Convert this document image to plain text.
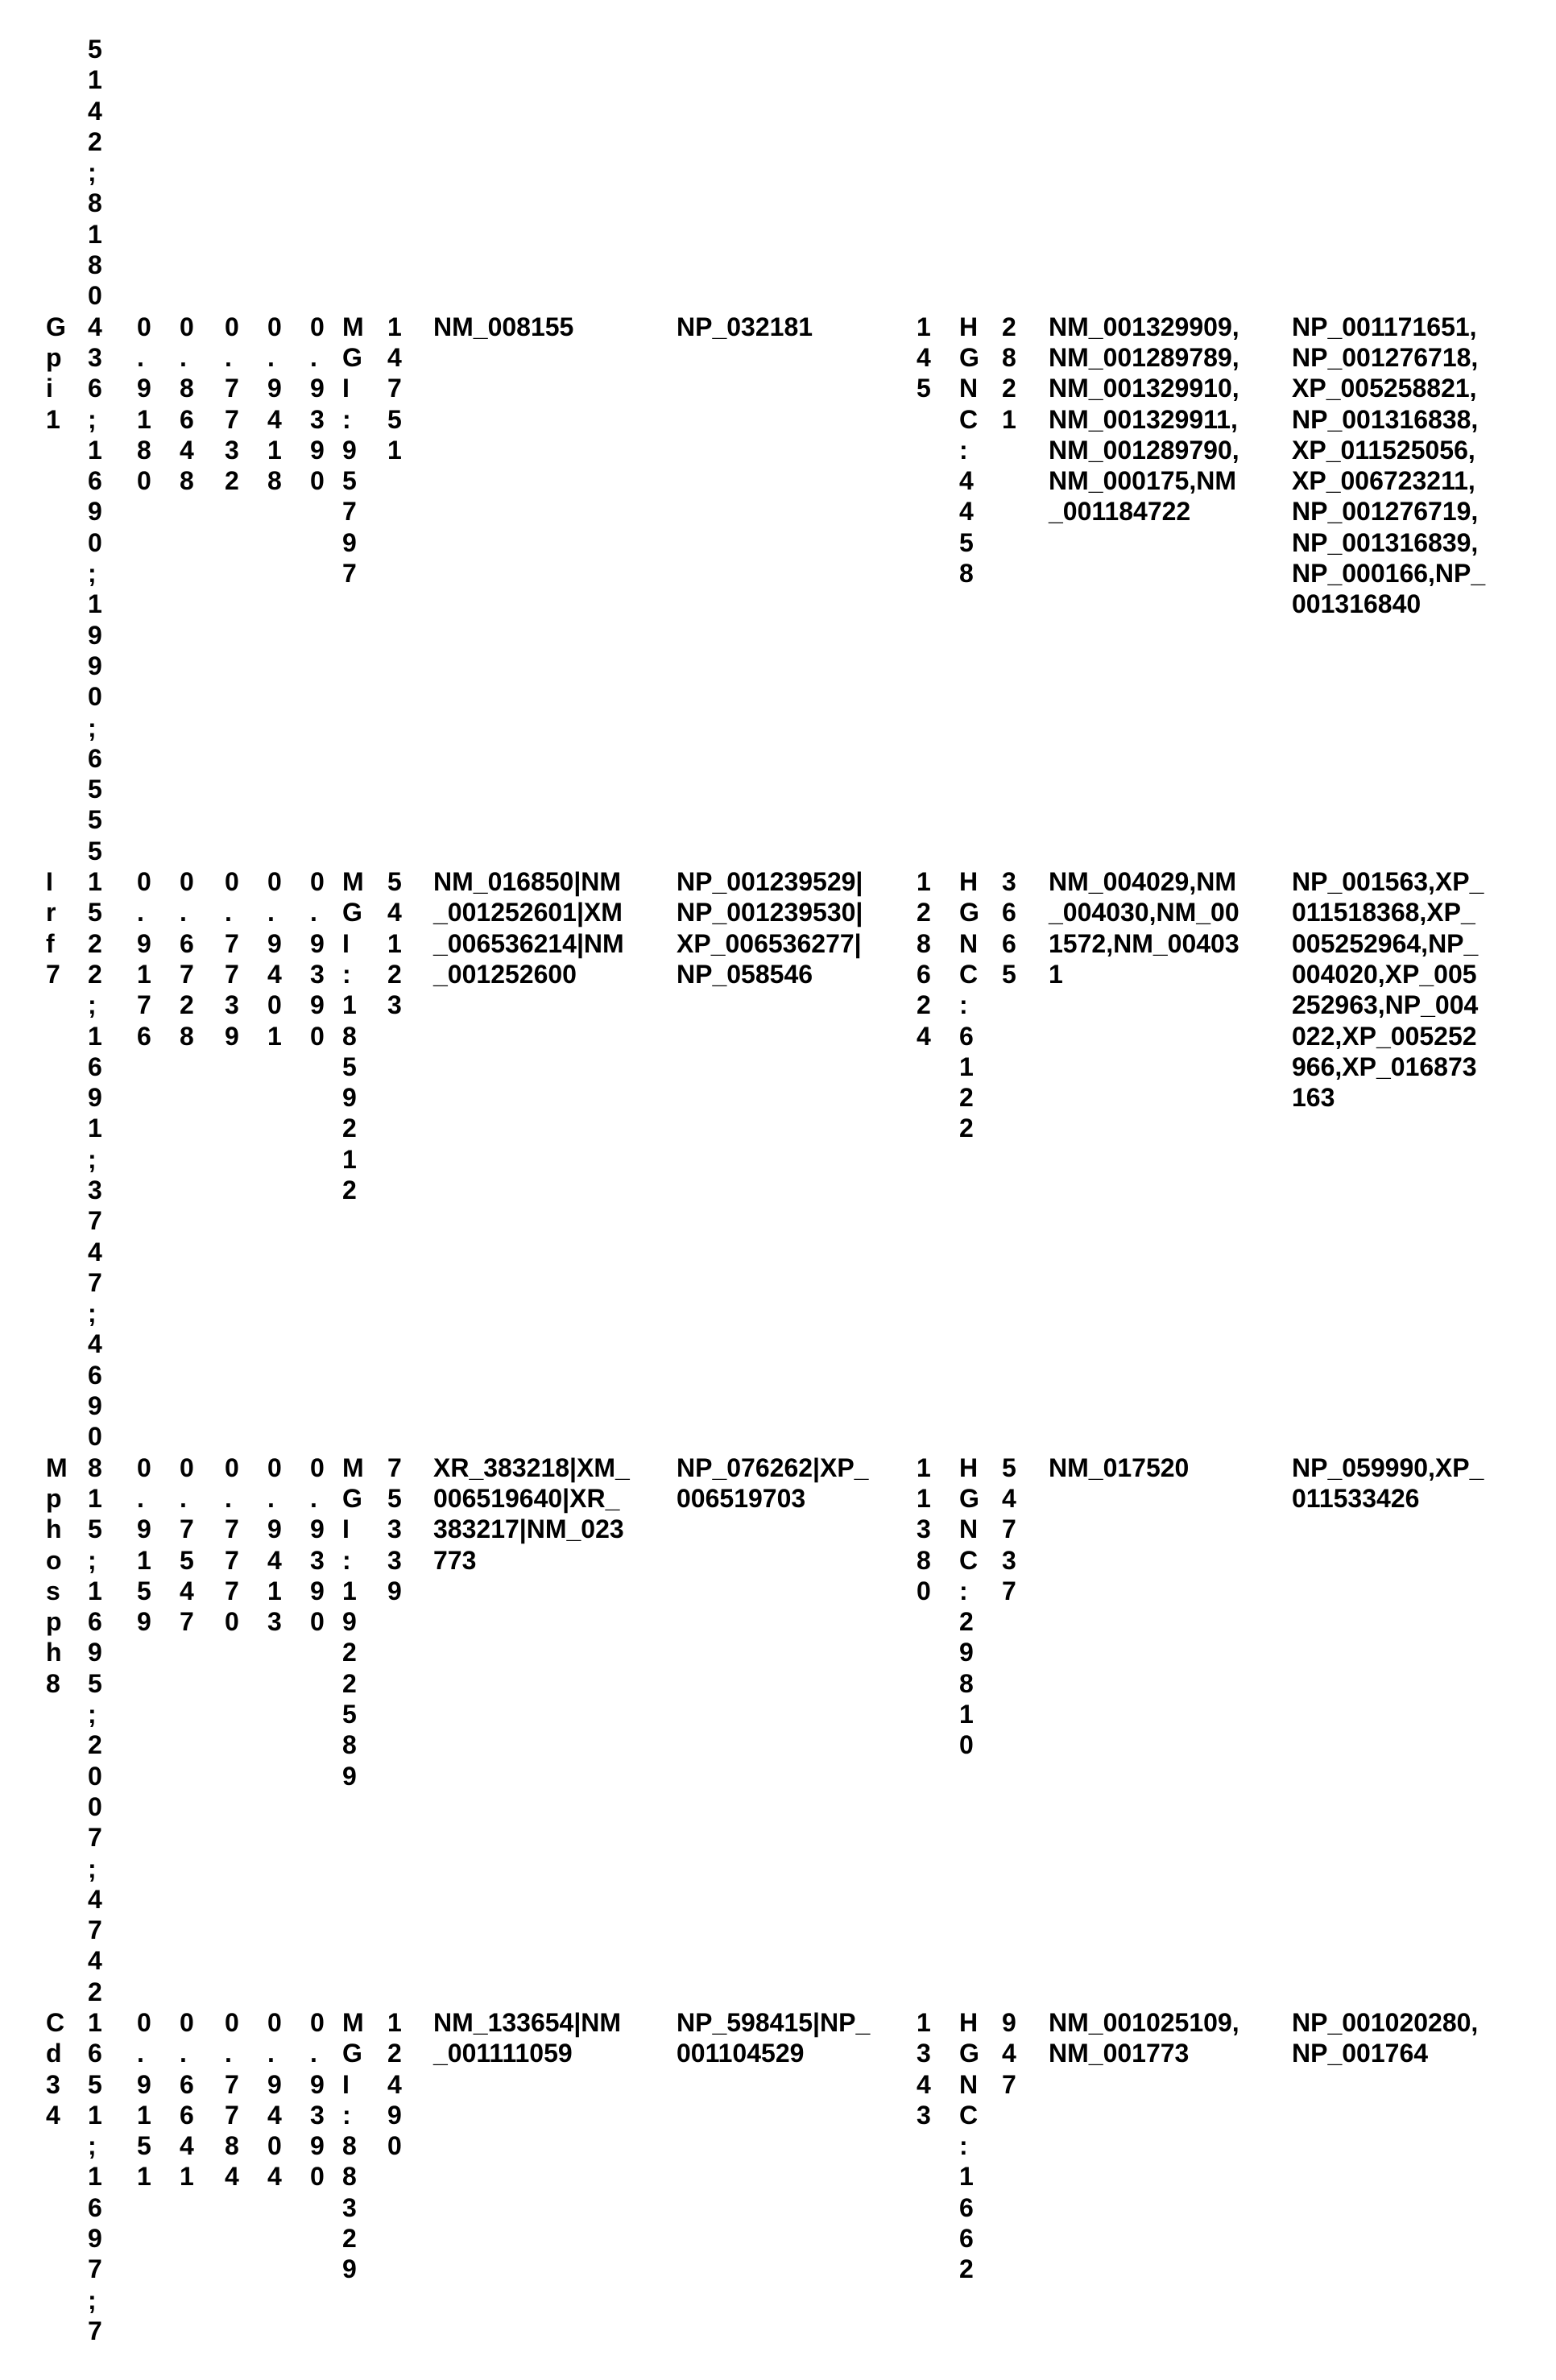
5142;8180

Gpi1

436;1690;1990;6555

0.9180

0.8648

0.7732

0.9418

0.9390

MGI:95797

14751

NM_008155	NP_032181	145

HGNC:4458

2821

NM_001329909, NM_001289789, NM_001329910, NM_001329911, NM_001289790, NM_000175,NM_001184722

NP_001171651, NP_001276718, XP_005258821, NP_001316838, XP_011525056, XP_006723211, NP_001276719, NP_001316839, NP_000166,NP_001316840

Irf7

1522;1691;3747;4690

0.9176

0.6728

0.7739

0.9401

0.9390

MGI:1859212

54123

NM_016850|NM_001252601|XM_006536214|NM_001252600

NP_001239529|NP_001239530|XP_006536277|NP_058546

128624

HGNC:6122

3665

NM_004029,NM_004030,NM_001572,NM_004031

NP_001563,XP_011518368,XP_005252964,NP_004020,XP_005252963,NP_004022,XP_005252966,XP_016873163

Mphosph8

815;1695;2007;4742

0.9159

0.7547

0.7770

0.9413

0.9390

MGI:1922589

75339

XR_383218|XM_006519640|XR_383217|NM_023773

NP_076262|XP_006519703

11380

HGNC:29810

54737

NM_017520	NP_059990,XP_011533426

Cd34

1651;1697;7

0.9151

0.6641

0.7784

0.9404

0.9390

MGI:88329

12490

NM_133654|NM_001111059

NP_598415|NP_001104529

1343

HGNC:1662

947

NM_001025109, NM_001773

NP_001020280, NP_001764
